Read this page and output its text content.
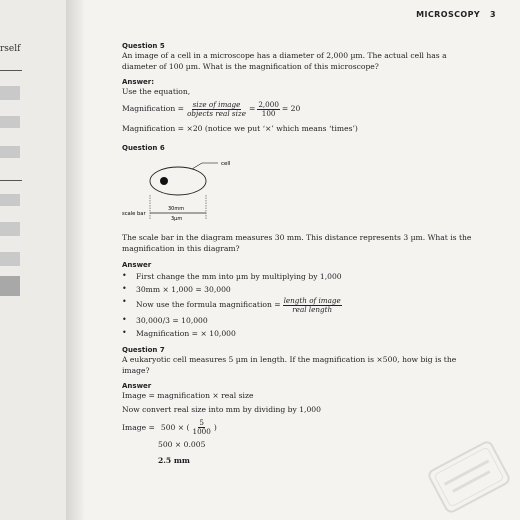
rself
MICROSCOPY 3

Question 5

An image of a cell in a microscope has a diameter of 2,000 µm. The actual cell has a diameter of 100 µm. What is the magnification of this microscope?

Answer:

Use the equation,

Magnification = $\frac{\text{size of image}}{\text{objects real size}} = \frac{2,000}{100} = 20$

Magnification = ×20 (notice we put ‘×’ which means ‘times’)

Question 6

cell
30mm
3µm
scale bar

The scale bar in the diagram measures 30 mm. This distance represents 3 µm. What is the magnification in this diagram?

Answer

• First change the mm into µm by multiplying by 1,000
• 30mm × 1,000 = 30,000
• Now use the formula magnification = $\frac{\text{length of image}}{\text{real length}}$
• 30,000/3 = 10,000
• Magnification = × 10,000

Question 7

A eukaryotic cell measures 5 µm in length. If the magnification is ×500, how big is the image?

Answer

Image = magnification × real size

Now convert real size into mm by dividing by 1,000

Image = 500 × ( $\frac{5}{1000}$ )

500 × 0.005

2.5 mm
